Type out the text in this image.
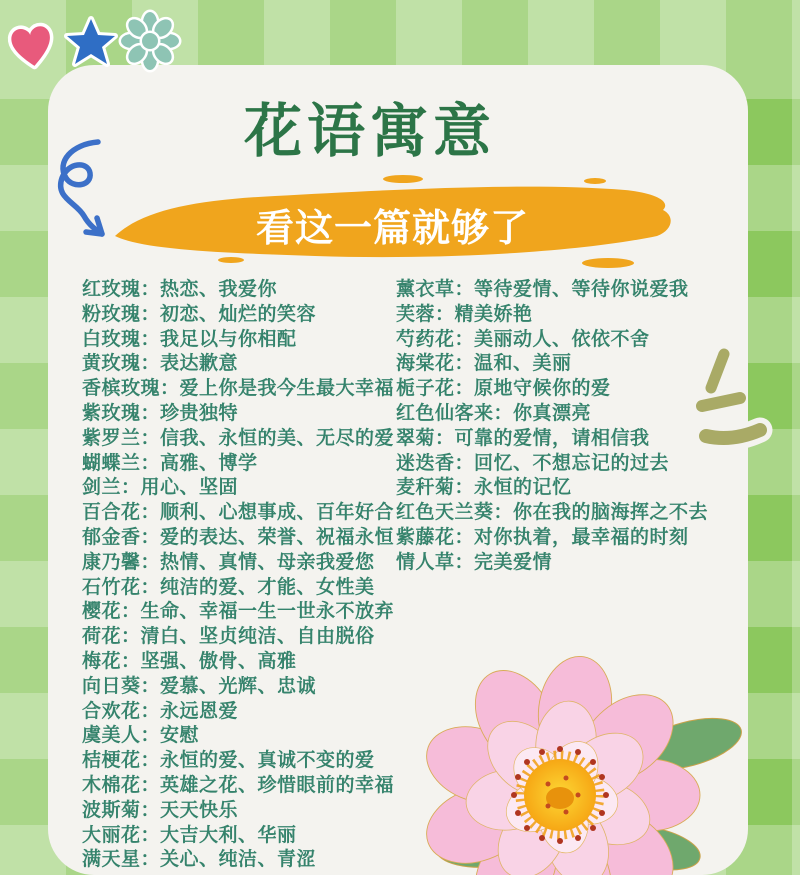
花语寓意
看这一篇就够了
红玫瑰：热恋、我爱你
粉玫瑰：初恋、灿烂的笑容
白玫瑰：我足以与你相配
黄玫瑰：表达歉意
香槟玫瑰：爱上你是我今生最大幸福
紫玫瑰：珍贵独特
紫罗兰：信我、永恒的美、无尽的爱
蝴蝶兰：高雅、博学
剑兰：用心、坚固
百合花：顺利、心想事成、百年好合
郁金香：爱的表达、荣誉、祝福永恒
康乃馨：热情、真情、母亲我爱您
石竹花：纯洁的爱、才能、女性美
樱花：生命、幸福一生一世永不放弃
荷花：清白、坚贞纯洁、自由脱俗
梅花：坚强、傲骨、高雅
向日葵：爱慕、光辉、忠诚
合欢花：永远恩爱
虞美人：安慰
桔梗花：永恒的爱、真诚不变的爱
木棉花：英雄之花、珍惜眼前的幸福
波斯菊：天天快乐
大丽花：大吉大利、华丽
满天星：关心、纯洁、青涩
薰衣草：等待爱情、等待你说爱我
芙蓉：精美娇艳
芍药花：美丽动人、依依不舍
海棠花：温和、美丽
栀子花：原地守候你的爱
红色仙客来：你真漂亮
翠菊：可靠的爱情，请相信我
迷迭香：回忆、不想忘记的过去
麦秆菊：永恒的记忆
红色天兰葵：你在我的脑海挥之不去
紫藤花：对你执着，最幸福的时刻
情人草：完美爱情
